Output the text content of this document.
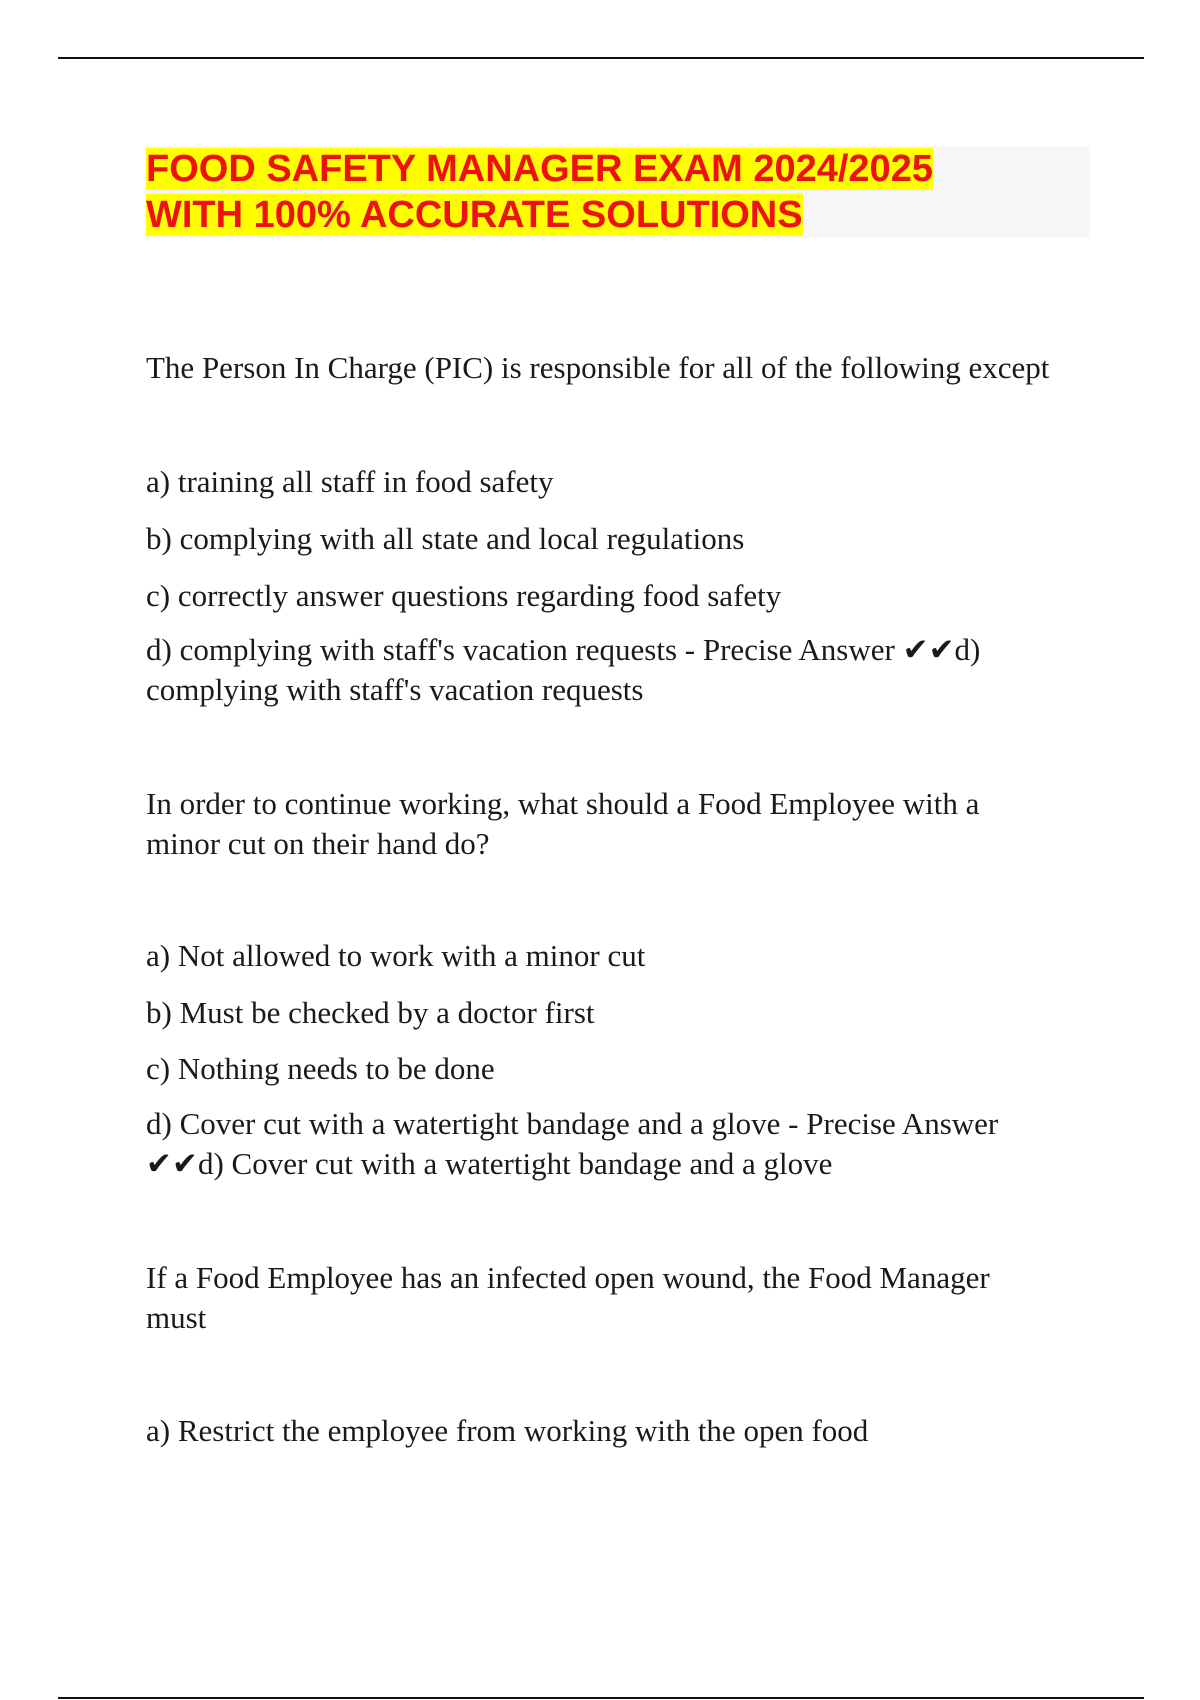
FOOD SAFETY MANAGER EXAM 2024/2025
WITH 100% ACCURATE SOLUTIONS

The Person In Charge (PIC) is responsible for all of the following except

a) training all staff in food safety

b) complying with all state and local regulations

c) correctly answer questions regarding food safety

d) complying with staff's vacation requests - Precise Answer ✔✔d)
complying with staff's vacation requests

In order to continue working, what should a Food Employee with a
minor cut on their hand do?

a) Not allowed to work with a minor cut

b) Must be checked by a doctor first

c) Nothing needs to be done

d) Cover cut with a watertight bandage and a glove - Precise Answer
✔✔d) Cover cut with a watertight bandage and a glove

If a Food Employee has an infected open wound, the Food Manager
must

a) Restrict the employee from working with the open food
